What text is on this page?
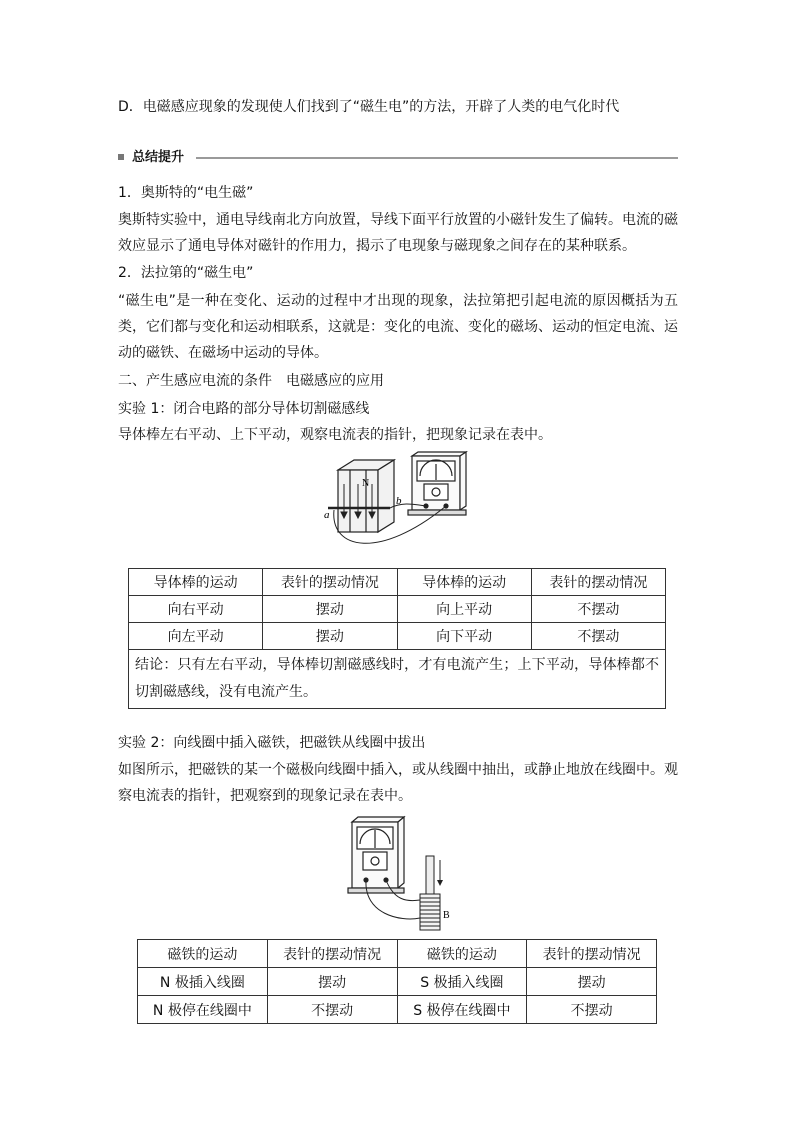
D．电磁感应现象的发现使人们找到了“磁生电”的方法，开辟了人类的电气化时代
总结提升
1．奥斯特的“电生磁”
奥斯特实验中，通电导线南北方向放置，导线下面平行放置的小磁针发生了偏转。电流的磁效应显示了通电导体对磁针的作用力，揭示了电现象与磁现象之间存在的某种联系。
2．法拉第的“磁生电”
“磁生电”是一种在变化、运动的过程中才出现的现象，法拉第把引起电流的原因概括为五类，它们都与变化和运动相联系，这就是：变化的电流、变化的磁场、运动的恒定电流、运动的磁铁、在磁场中运动的导体。
二、产生感应电流的条件　电磁感应的应用
实验 1：闭合电路的部分导体切割磁感线
导体棒左右平动、上下平动，观察电流表的指针，把现象记录在表中。
a
b
N
导体棒的运动	表针的摆动情况	导体棒的运动	表针的摆动情况
向右平动	摆动	向上平动	不摆动
向左平动	摆动	向下平动	不摆动
结论：只有左右平动，导体棒切割磁感线时，才有电流产生；上下平动，导体棒都不切割磁感线，没有电流产生。			
实验 2：向线圈中插入磁铁，把磁铁从线圈中拔出
如图所示，把磁铁的某一个磁极向线圈中插入，或从线圈中抽出，或静止地放在线圈中。观察电流表的指针，把观察到的现象记录在表中。
B
磁铁的运动	表针的摆动情况	磁铁的运动	表针的摆动情况
N 极插入线圈	摆动	S 极插入线圈	摆动
N 极停在线圈中	不摆动	S 极停在线圈中	不摆动
